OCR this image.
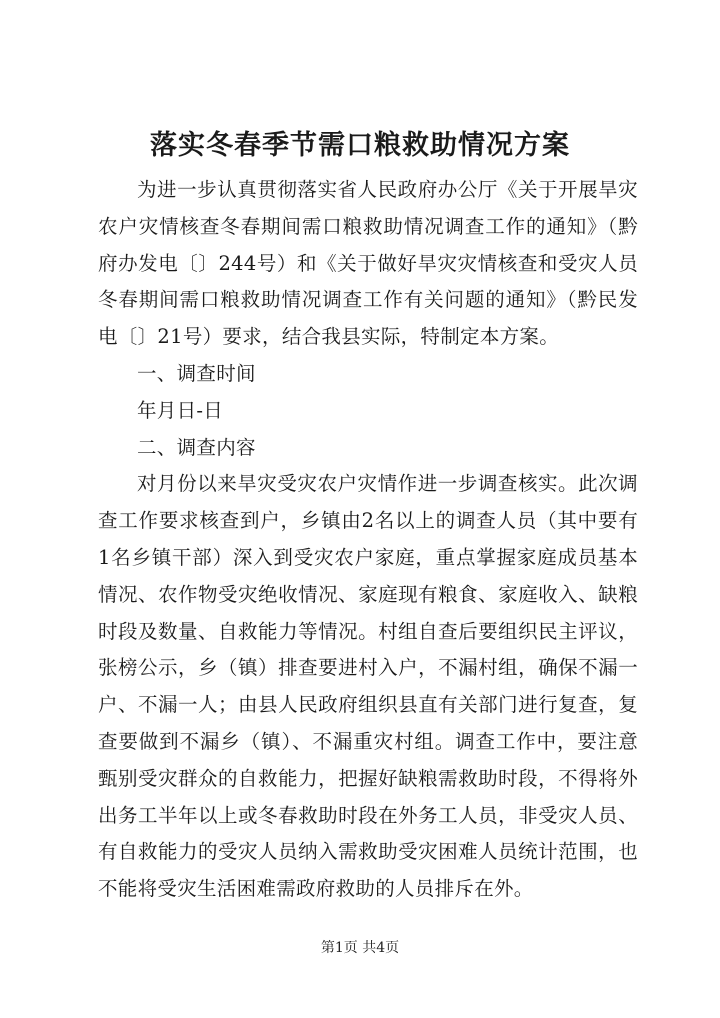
落实冬春季节需口粮救助情况方案

为进一步认真贯彻落实省人民政府办公厅《关于开展旱灾农户灾情核查冬春期间需口粮救助情况调查工作的通知》（黔府办发电〔〕244号）和《关于做好旱灾灾情核查和受灾人员冬春期间需口粮救助情况调查工作有关问题的通知》（黔民发电〔〕21号）要求，结合我县实际，特制定本方案。

一、调查时间

年月日-日

二、调查内容

对月份以来旱灾受灾农户灾情作进一步调查核实。此次调查工作要求核查到户，乡镇由2名以上的调查人员（其中要有1名乡镇干部）深入到受灾农户家庭，重点掌握家庭成员基本情况、农作物受灾绝收情况、家庭现有粮食、家庭收入、缺粮时段及数量、自救能力等情况。村组自查后要组织民主评议，张榜公示，乡（镇）排查要进村入户，不漏村组，确保不漏一户、不漏一人；由县人民政府组织县直有关部门进行复查，复查要做到不漏乡（镇）、不漏重灾村组。调查工作中，要注意甄别受灾群众的自救能力，把握好缺粮需救助时段，不得将外出务工半年以上或冬春救助时段在外务工人员，非受灾人员、有自救能力的受灾人员纳入需救助受灾困难人员统计范围，也不能将受灾生活困难需政府救助的人员排斥在外。

第1页 共4页
